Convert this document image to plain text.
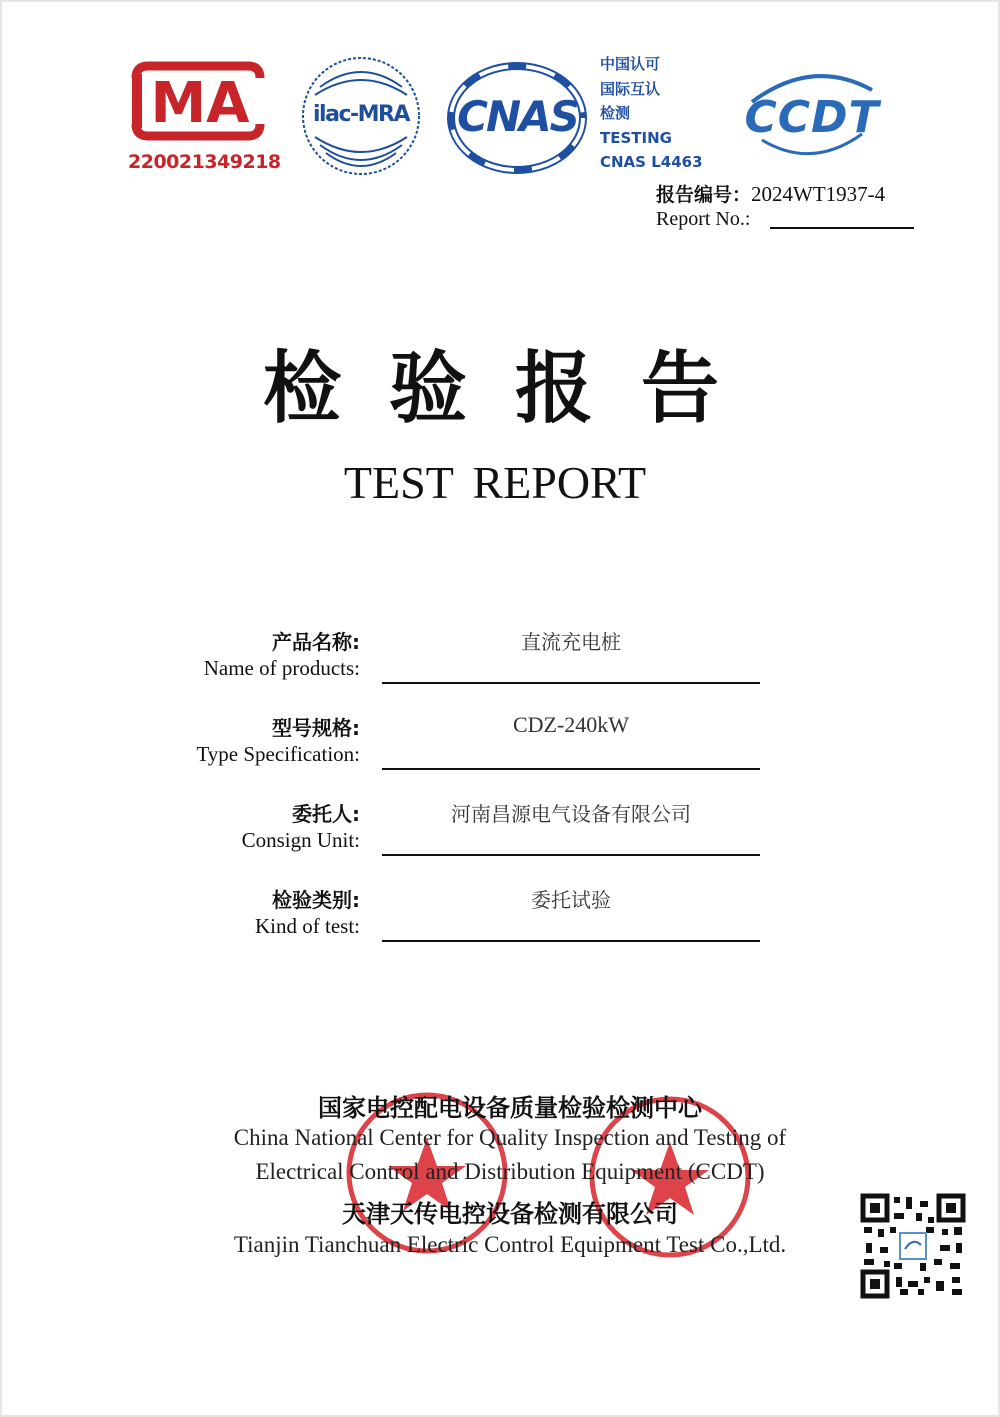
MA
220021349218
ilac-MRA	CNAS
中国认可
国际互认
检测
TESTING
CNAS L4463
CCDT
报告编号：2024WT1937-4
Report No.:
检验报告
TEST REPORT
产品名称:
Name of products:
直流充电桩
型号规格:
Type Specification:
CDZ-240kW
委托人:
Consign Unit:
河南昌源电气设备有限公司
检验类别:
Kind of test:
委托试验
国家电控配电设备质量检验检测中心
China National Center for Quality Inspection and Testing of
Electrical Control and Distribution Equipment (CCDT)
天津天传电控设备检测有限公司
Tianjin Tianchuan Electric Control Equipment Test Co.,Ltd.
